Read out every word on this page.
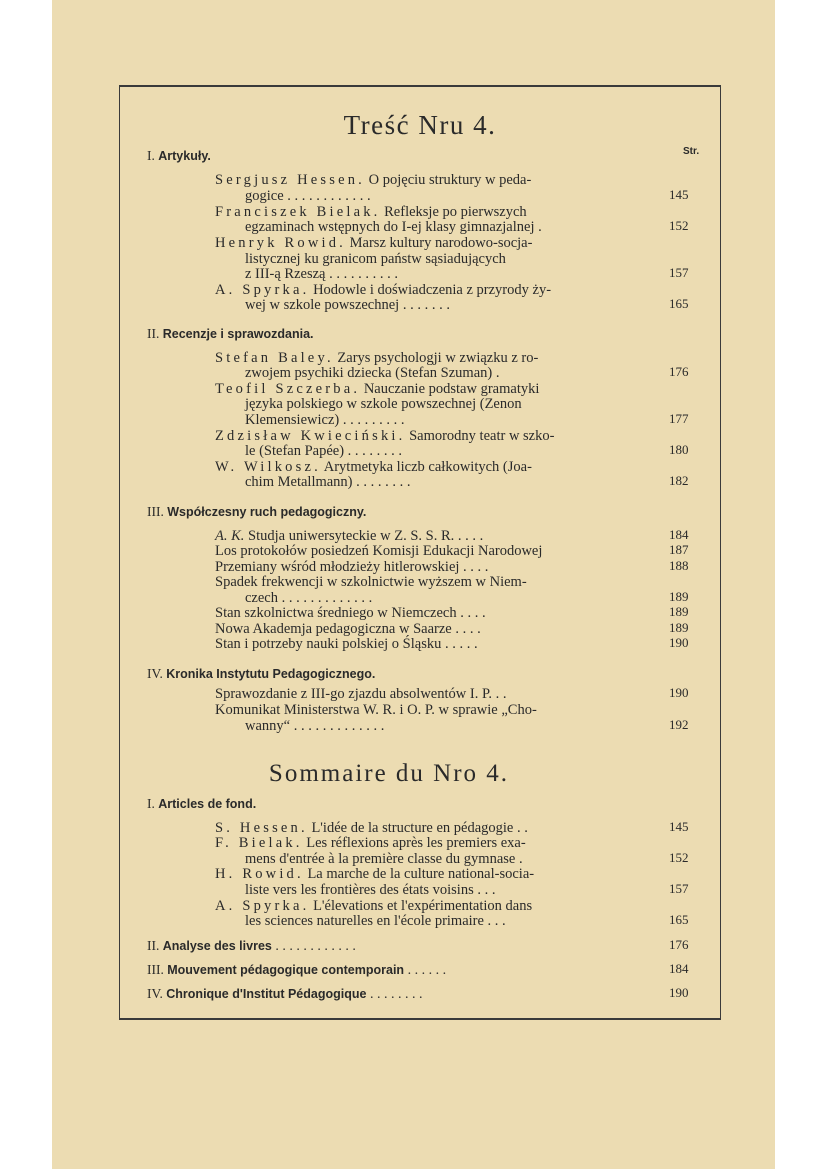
Treść Nru 4.
Str.
I. Artykuły.
II. Recenzje i sprawozdania.
III. Współczesny ruch pedagogiczny.
IV. Kronika Instytutu Pedagogicznego.
Sergjusz Hessen. O pojęciu struktury w peda-
gogice . . . . . . . . . . . .
Franciszek Bielak. Refleksje po pierwszych
egzaminach wstępnych do I-ej klasy gimnazjalnej .
Henryk Rowid. Marsz kultury narodowo-socja-
listycznej ku granicom państw sąsiadujących
z III-ą Rzeszą . . . . . . . . . .
A. Spyrka. Hodowle i doświadczenia z przyrody ży-
wej w szkole powszechnej . . . . . . .
Stefan Baley. Zarys psychologji w związku z ro-
zwojem psychiki dziecka (Stefan Szuman) .
Teofil Szczerba. Nauczanie podstaw gramatyki
języka polskiego w szkole powszechnej (Zenon
Klemensiewicz) . . . . . . . . .
Zdzisław Kwieciński. Samorodny teatr w szko-
le (Stefan Papée) . . . . . . . .
W. Wilkosz. Arytmetyka liczb całkowitych (Joa-
chim Metallmann) . . . . . . . .
A. K. Studja uniwersyteckie w Z. S. S. R. . . . .
Los protokołów posiedzeń Komisji Edukacji Narodowej
Przemiany wśród młodzieży hitlerowskiej . . . .
Spadek frekwencji w szkolnictwie wyższem w Niem-
czech . . . . . . . . . . . . .
Stan szkolnictwa średniego w Niemczech . . . .
Nowa Akademja pedagogiczna w Saarze . . . .
Stan i potrzeby nauki polskiej o Śląsku . . . . .
Sprawozdanie z III-go zjazdu absolwentów I. P. . .
Komunikat Ministerstwa W. R. i O. P. w sprawie „Cho-
wanny“ . . . . . . . . . . . . .
145
152
157
165
176
177
180
182
184
187
188
189
189
189
190
190
192
Sommaire du Nro 4.
I. Articles de fond.
S. Hessen. L'idée de la structure en pédagogie . .
F. Bielak. Les réflexions après les premiers exa-
mens d'entrée à la première classe du gymnase .
H. Rowid. La marche de la culture national-socia-
liste vers les frontières des états voisins . . .
A. Spyrka. L'élevations et l'expérimentation dans
les sciences naturelles en l'école primaire . . .
II. Analyse des livres . . . . . . . . . . . .
III. Mouvement pédagogique contemporain . . . . . .
IV. Chronique d'Institut Pédagogique . . . . . . . .
145
152
157
165
176
184
190
